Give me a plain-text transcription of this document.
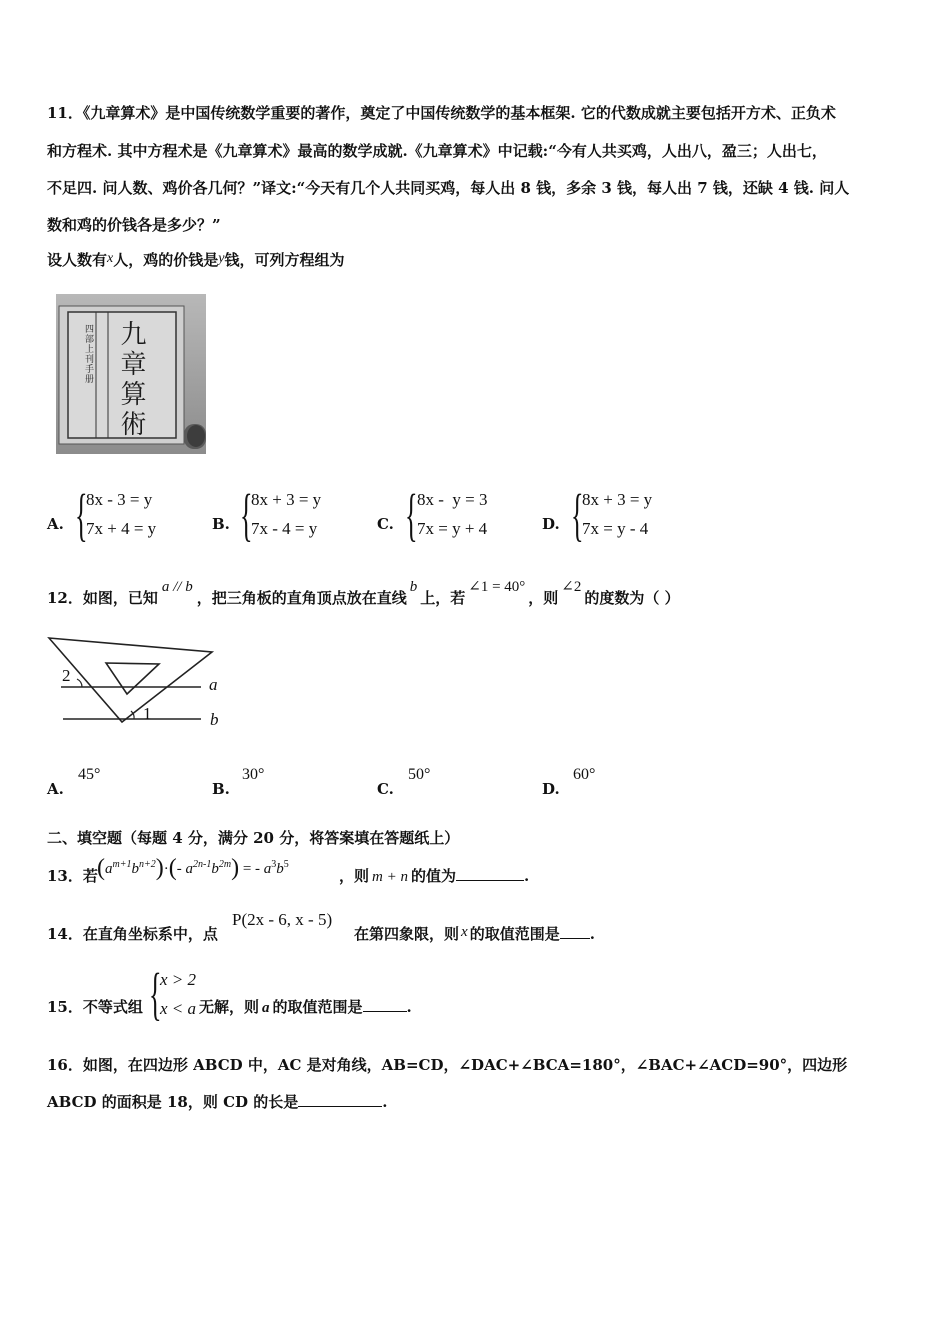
11．《九章算术》是中国传统数学重要的著作，奠定了中国传统数学的基本框架. 它的代数成就主要包括开方术、正负术
和方程术. 其中方程术是《九章算术》最高的数学成就.《九章算术》中记载:“今有人共买鸡，人出八，盈三；人出七，
不足四. 问人数、鸡价各几何？”译文:“今天有几个人共同买鸡，每人出 8 钱，多余 3 钱，每人出 7 钱，还缺 4 钱. 问人
数和鸡的价钱各是多少？”
设人数有x人，鸡的价钱是y钱，可列方程组为
九章算術
四部上刊手册
A. {
8x - 3 = y
7x + 4 = y	B. {
8x + 3 = y
7x - 4 = y	C. { 8x -  y = 3
7x = y + 4	D. {
8x + 3 = y
7x = y - 4
12．如图，已知a // b，把三角板的直角顶点放在直线b上，若∠1 = 40°，则∠2的度数为（ ）
2
1
a
b
A.
45°
B.
30°
C.
50°
D.
60°
二、填空题（每题 4 分，满分 20 分，将答案填在答题纸上）
13．若 $(a^{m+1}b^{n+2})\cdot(-$ $a^{2n-1}b^{2m}$) = - $a^3b^5$
，则 m + n 的值为	.
14．在直角坐标系中，点
P(2x - 6, x - 5)
在第四象限，则 x 的取值范围是 .
15．不等式组 {
x > 2
x < a 无解，则 a 的取值范围是	.
16．如图，在四边形 ABCD 中，AC 是对角线，AB=CD，∠DAC+∠BCA=180°，∠BAC+∠ACD=90°，四边形
ABCD 的面积是 18，则 CD 的长是	.
